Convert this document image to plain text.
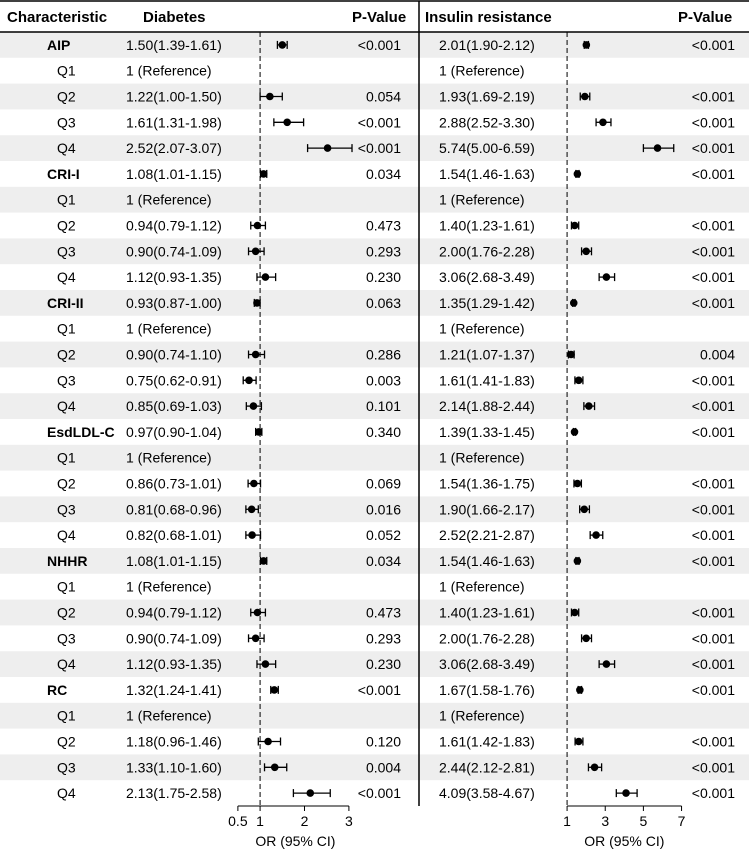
Characteristic Diabetes	P-Value Insulin resistance	P-Value
AIP	1.50(1.39-1.61)	<0.001	2.01(1.90-2.12)	<0.001
Q1	1 (Reference)	1 (Reference)
Q2	1.22(1.00-1.50)	0.054	1.93(1.69-2.19)	<0.001
Q3	1.61(1.31-1.98)	<0.001	2.88(2.52-3.30)	<0.001
Q4	2.52(2.07-3.07)	<0.001	5.74(5.00-6.59)	<0.001
CRI-I	1.08(1.01-1.15)	0.034	1.54(1.46-1.63)	<0.001
Q1	1 (Reference)	1 (Reference)
Q2	0.94(0.79-1.12)	0.473	1.40(1.23-1.61)	<0.001
Q3	0.90(0.74-1.09)	0.293	2.00(1.76-2.28)	<0.001
Q4	1.12(0.93-1.35)	0.230	3.06(2.68-3.49)	<0.001
CRI-II	0.93(0.87-1.00)	0.063	1.35(1.29-1.42)	<0.001
Q1	1 (Reference)	1 (Reference)
Q2	0.90(0.74-1.10)	0.286	1.21(1.07-1.37)	0.004
Q3	0.75(0.62-0.91)	0.003	1.61(1.41-1.83)	<0.001
Q4	0.85(0.69-1.03)	0.101	2.14(1.88-2.44)	<0.001
EsdLDL-C 0.97(0.90-1.04)	0.340	1.39(1.33-1.45)	<0.001
Q1	1 (Reference)	1 (Reference)
Q2	0.86(0.73-1.01)	0.069	1.54(1.36-1.75)	<0.001
Q3	0.81(0.68-0.96)	0.016	1.90(1.66-2.17)	<0.001
Q4	0.82(0.68-1.01)	0.052	2.52(2.21-2.87)	<0.001
NHHR	1.08(1.01-1.15)	0.034	1.54(1.46-1.63)	<0.001
Q1	1 (Reference)	1 (Reference)
Q2	0.94(0.79-1.12)	0.473	1.40(1.23-1.61)	<0.001
Q3	0.90(0.74-1.09)	0.293	2.00(1.76-2.28)	<0.001
Q4	1.12(0.93-1.35)	0.230	3.06(2.68-3.49)	<0.001
RC	1.32(1.24-1.41)	<0.001	1.67(1.58-1.76)	<0.001
Q1	1 (Reference)	1 (Reference)
Q2	1.18(0.96-1.46)	0.120	1.61(1.42-1.83)	<0.001
Q3	1.33(1.10-1.60)	0.004	2.44(2.12-2.81)	<0.001
Q4	2.13(1.75-2.58)	<0.001	4.09(3.58-4.67)	<0.001
0.5 1	2	3
OR (95% CI)
1 3 5 7
OR (95% CI)
